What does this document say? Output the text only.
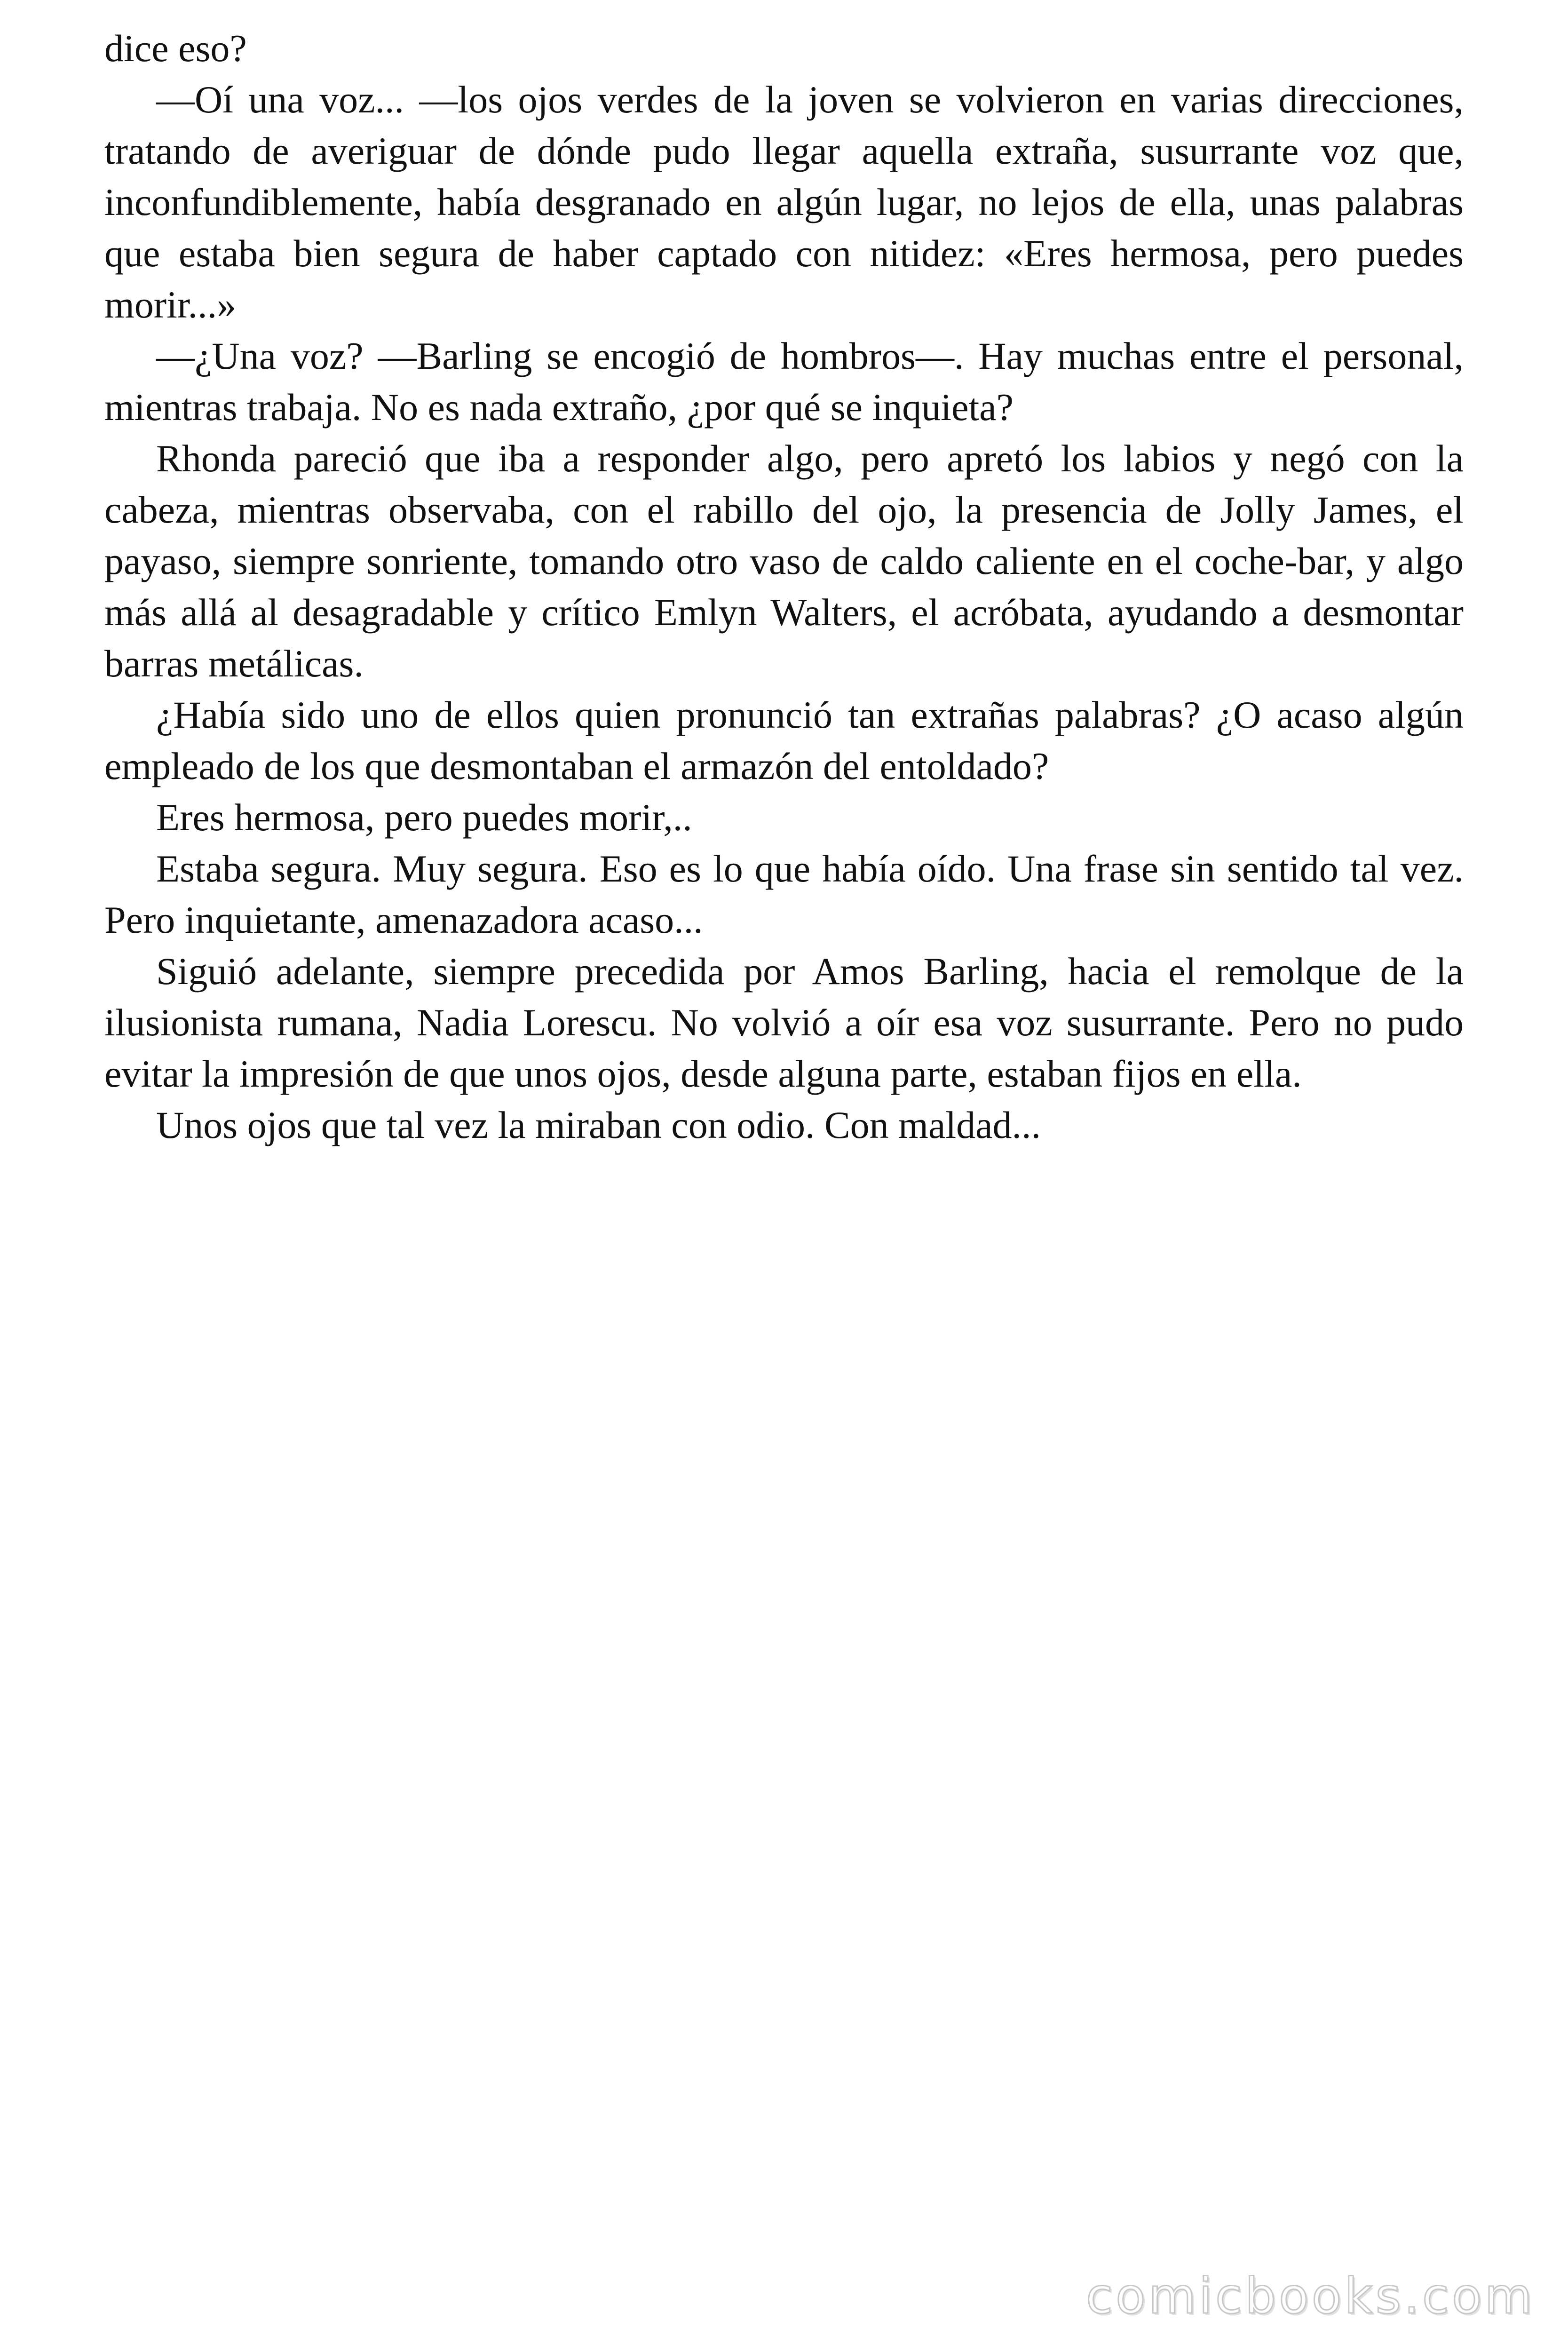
dice eso?

—Oí una voz... —los ojos verdes de la joven se volvieron en varias direcciones, tratando de averiguar de dónde pudo llegar aquella extraña, susurrante voz que, inconfundiblemente, había desgranado en algún lugar, no lejos de ella, unas palabras que estaba bien segura de haber captado con nitidez: «Eres hermosa, pero puedes morir...»

—¿Una voz? —Barling se encogió de hombros—. Hay muchas entre el personal, mientras trabaja. No es nada extraño, ¿por qué se inquieta?

Rhonda pareció que iba a responder algo, pero apretó los labios y negó con la cabeza, mientras observaba, con el rabillo del ojo, la presencia de Jolly James, el payaso, siempre sonriente, tomando otro vaso de caldo caliente en el coche-bar, y algo más allá al desagradable y crítico Emlyn Walters, el acróbata, ayudando a desmontar barras metálicas.

¿Había sido uno de ellos quien pronunció tan extrañas palabras? ¿O acaso algún empleado de los que desmontaban el armazón del entoldado?

Eres hermosa, pero puedes morir,..

Estaba segura. Muy segura. Eso es lo que había oído. Una frase sin sentido tal vez. Pero inquietante, amenazadora acaso...

Siguió adelante, siempre precedida por Amos Barling, hacia el remolque de la ilusionista rumana, Nadia Lorescu. No volvió a oír esa voz susurrante. Pero no pudo evitar la impresión de que unos ojos, desde alguna parte, estaban fijos en ella.

Unos ojos que tal vez la miraban con odio. Con maldad...

comicbooks.com
